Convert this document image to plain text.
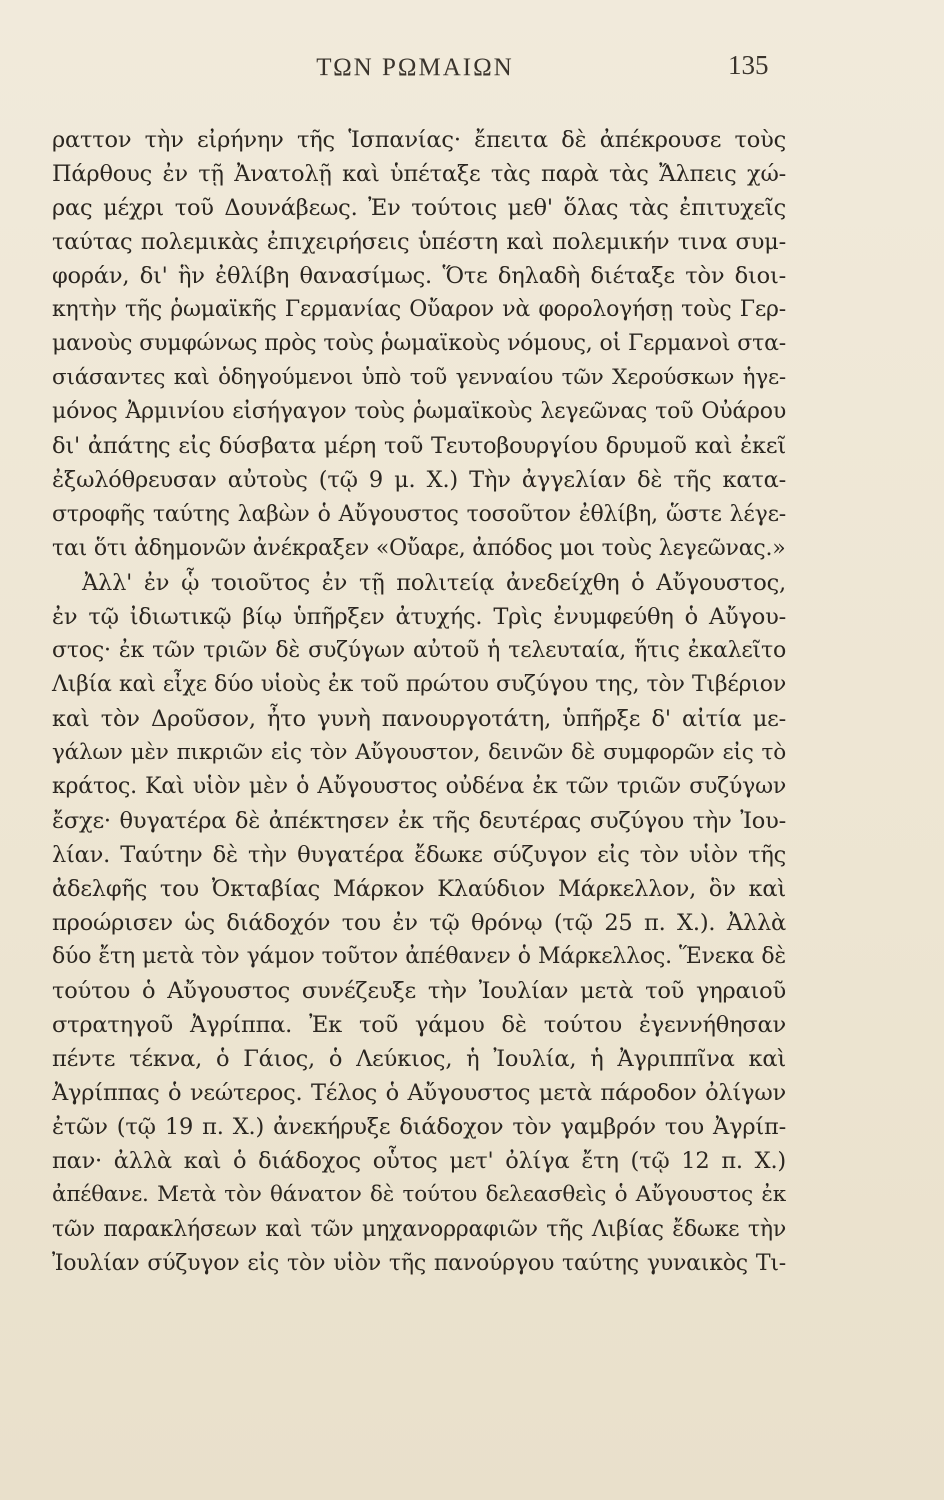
ΤΩΝ ΡΩΜΑΙΩΝ	135
ραττον τὴν εἰρήνην τῆς Ἱσπανίας· ἔπειτα δὲ ἀπέκρουσε τοὺς
Πάρθους ἐν τῇ Ἀνατολῇ καὶ ὑπέταξε τὰς παρὰ τὰς Ἄλπεις χώ-
ρας μέχρι τοῦ Δουνάβεως. Ἐν τούτοις μεθ' ὅλας τὰς ἐπιτυχεῖς
ταύτας πολεμικὰς ἐπιχειρήσεις ὑπέστη καὶ πολεμικήν τινα συμ-
φοράν, δι' ἣν ἐθλίβη θανασίμως. Ὅτε δηλαδὴ διέταξε τὸν διοι-
κητὴν τῆς ῥωμαϊκῆς Γερμανίας Οὔαρον νὰ φορολογήσῃ τοὺς Γερ-
μανοὺς συμφώνως πρὸς τοὺς ῥωμαϊκοὺς νόμους, οἱ Γερμανοὶ στα-
σιάσαντες καὶ ὁδηγούμενοι ὑπὸ τοῦ γενναίου τῶν Χερούσκων ἡγε-
μόνος Ἀρμινίου εἰσήγαγον τοὺς ῥωμαϊκοὺς λεγεῶνας τοῦ Οὐάρου
δι' ἀπάτης εἰς δύσβατα μέρη τοῦ Τευτοβουργίου δρυμοῦ καὶ ἐκεῖ
ἐξωλόθρευσαν αὐτοὺς (τῷ 9 μ. Χ.) Τὴν ἀγγελίαν δὲ τῆς κατα-
στροφῆς ταύτης λαβὼν ὁ Αὔγουστος τοσοῦτον ἐθλίβη, ὥστε λέγε-
ται ὅτι ἀδημονῶν ἀνέκραξεν «Οὔαρε, ἀπόδος μοι τοὺς λεγεῶνας.»
Ἀλλ' ἐν ᾧ τοιοῦτος ἐν τῇ πολιτείᾳ ἀνεδείχθη ὁ Αὔγουστος,
ἐν τῷ ἰδιωτικῷ βίῳ ὑπῆρξεν ἀτυχής. Τρὶς ἐνυμφεύθη ὁ Αὔγου-
στος· ἐκ τῶν τριῶν δὲ συζύγων αὐτοῦ ἡ τελευταία, ἥτις ἐκαλεῖτο
Λιβία καὶ εἶχε δύο υἱοὺς ἐκ τοῦ πρώτου συζύγου της, τὸν Τιβέριον
καὶ τὸν Δροῦσον, ἦτο γυνὴ πανουργοτάτη, ὑπῆρξε δ' αἰτία με-
γάλων μὲν πικριῶν εἰς τὸν Αὔγουστον, δεινῶν δὲ συμφορῶν εἰς τὸ
κράτος. Καὶ υἱὸν μὲν ὁ Αὔγουστος οὐδένα ἐκ τῶν τριῶν συζύγων
ἔσχε· θυγατέρα δὲ ἀπέκτησεν ἐκ τῆς δευτέρας συζύγου τὴν Ἰου-
λίαν. Ταύτην δὲ τὴν θυγατέρα ἔδωκε σύζυγον εἰς τὸν υἱὸν τῆς
ἀδελφῆς του Ὀκταβίας Μάρκον Κλαύδιον Μάρκελλον, ὃν καὶ
προώρισεν ὡς διάδοχόν του ἐν τῷ θρόνῳ (τῷ 25 π. Χ.). Ἀλλὰ
δύο ἔτη μετὰ τὸν γάμον τοῦτον ἀπέθανεν ὁ Μάρκελλος. Ἕνεκα δὲ
τούτου ὁ Αὔγουστος συνέζευξε τὴν Ἰουλίαν μετὰ τοῦ γηραιοῦ
στρατηγοῦ Ἀγρίππα. Ἐκ τοῦ γάμου δὲ τούτου ἐγεννήθησαν
πέντε τέκνα, ὁ Γάιος, ὁ Λεύκιος, ἡ Ἰουλία, ἡ Ἀγριππῖνα καὶ
Ἀγρίππας ὁ νεώτερος. Τέλος ὁ Αὔγουστος μετὰ πάροδον ὀλίγων
ἐτῶν (τῷ 19 π. Χ.) ἀνεκήρυξε διάδοχον τὸν γαμβρόν του Ἀγρίπ-
παν· ἀλλὰ καὶ ὁ διάδοχος οὗτος μετ' ὀλίγα ἔτη (τῷ 12 π. Χ.)
ἀπέθανε. Μετὰ τὸν θάνατον δὲ τούτου δελεασθεὶς ὁ Αὔγουστος ἐκ
τῶν παρακλήσεων καὶ τῶν μηχανορραφιῶν τῆς Λιβίας ἔδωκε τὴν
Ἰουλίαν σύζυγον εἰς τὸν υἱὸν τῆς πανούργου ταύτης γυναικὸς Τι-
